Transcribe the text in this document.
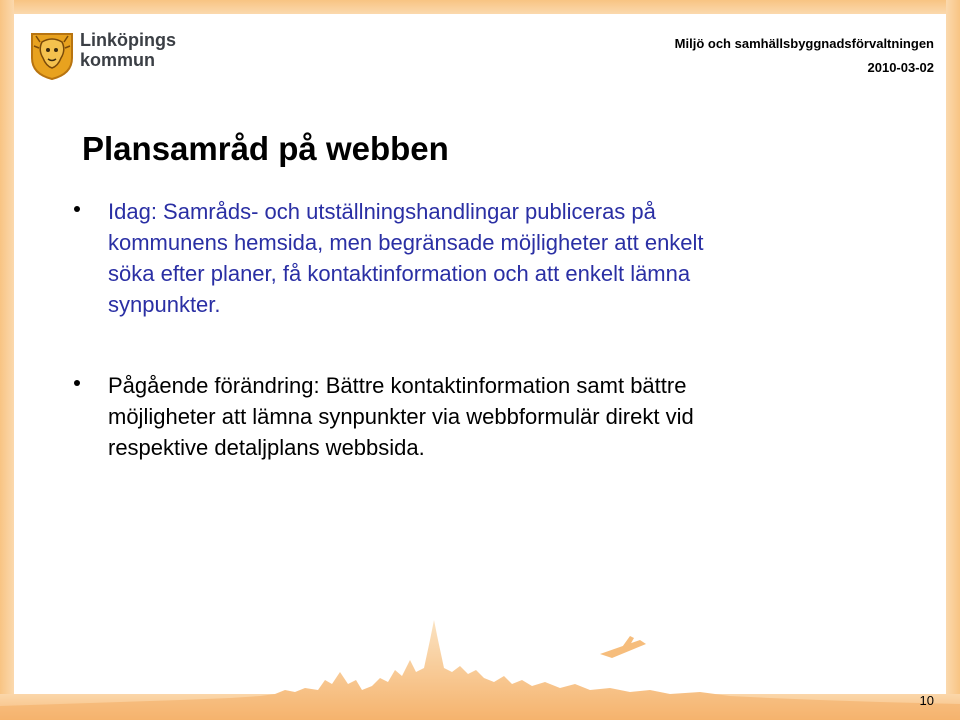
Linköpings
kommun
Miljö och samhällsbyggnadsförvaltningen
2010-03-02
Plansamråd på webben
Idag: Samråds- och utställningshandlingar publiceras på
kommunens hemsida, men begränsade möjligheter att enkelt
söka efter planer, få kontaktinformation och att enkelt lämna
synpunkter.
Pågående förändring: Bättre kontaktinformation samt bättre
möjligheter att lämna synpunkter via webbformulär direkt vid
respektive detaljplans webbsida.
10
